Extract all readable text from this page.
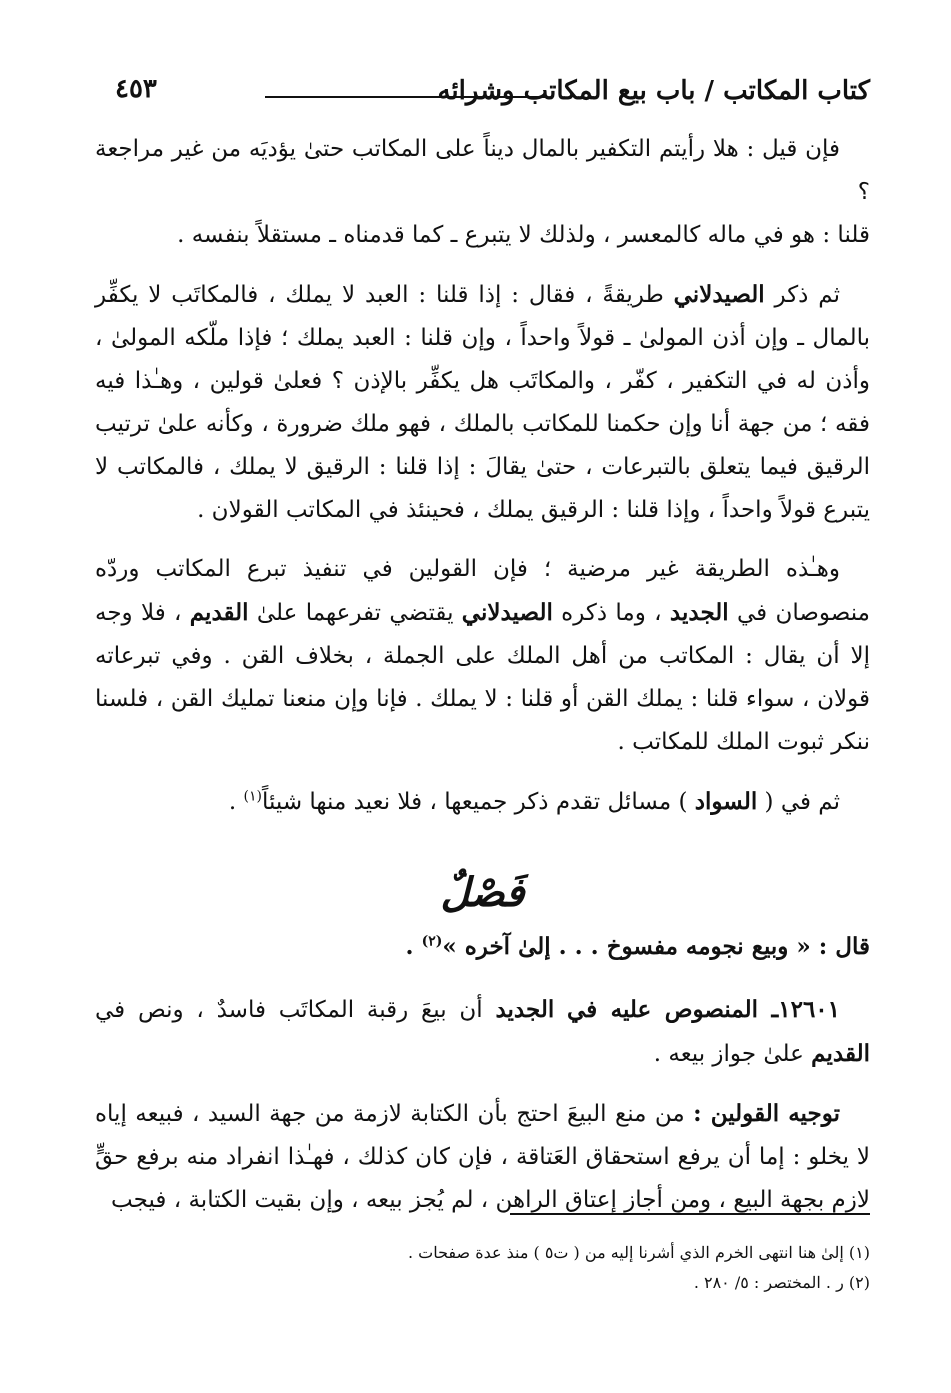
كتاب المكاتب / باب بيع المكاتب وشرائه
٤٥٣

فإن قيل : هلا رأيتم التكفير بالمال ديناً على المكاتب حتىٰ يؤديَه من غير مراجعة ؟

قلنا : هو في ماله كالمعسر ، ولذلك لا يتبرع ـ كما قدمناه ـ مستقلاً بنفسه .

ثم ذكر الصيدلاني طريقةً ، فقال : إذا قلنا : العبد لا يملك ، فالمكاتَب لا يكفِّر بالمال ـ وإن أذن المولىٰ ـ قولاً واحداً ، وإن قلنا : العبد يملك ؛ فإذا ملّكه المولىٰ ، وأذن له في التكفير ، كفّر ، والمكاتَب هل يكفِّر بالإذن ؟ فعلىٰ قولين ، وهـٰذا فيه فقه ؛ من جهة أنا وإن حكمنا للمكاتب بالملك ، فهو ملك ضرورة ، وكأنه علىٰ ترتيب الرقيق فيما يتعلق بالتبرعات ، حتىٰ يقالَ : إذا قلنا : الرقيق لا يملك ، فالمكاتب لا يتبرع قولاً واحداً ، وإذا قلنا : الرقيق يملك ، فحينئذ في المكاتب القولان .

وهـٰذه الطريقة غير مرضية ؛ فإن القولين في تنفيذ تبرع المكاتب وردّه منصوصان في الجديد ، وما ذكره الصيدلاني يقتضي تفرعهما علىٰ القديم ، فلا وجه إلا أن يقال : المكاتب من أهل الملك على الجملة ، بخلاف القن . وفي تبرعاته قولان ، سواء قلنا : يملك القن أو قلنا : لا يملك . فإنا وإن منعنا تمليك القن ، فلسنا ننكر ثبوت الملك للمكاتب .

ثم في ( السواد ) مسائل تقدم ذكر جميعها ، فلا نعيد منها شيئاً$^{(١)}$ .

فَصْلٌ
قال : « وبيع نجومه مفسوخ . . . إلىٰ آخره »$^{(٢)}$ .

١٢٦٠١ـ المنصوص عليه في الجديد أن بيعَ رقبة المكاتَب فاسدٌ ، ونص في القديم علىٰ جواز بيعه .

توجيه القولين : من منع البيعَ احتج بأن الكتابة لازمة من جهة السيد ، فبيعه إياه لا يخلو : إما أن يرفع استحقاق العَتاقة ، فإن كان كذلك ، فهـٰذا انفراد منه برفع حقٍّ لازم بجهة البيع ، ومن أجاز إعتاق الراهن ، لم يُجز بيعه ، وإن بقيت الكتابة ، فيجب

(١) إلىٰ هنا انتهى الخرم الذي أشرنا إليه من ( ت٥ ) منذ عدة صفحات .
(٢) ر . المختصر : ٥/ ٢٨٠ .
